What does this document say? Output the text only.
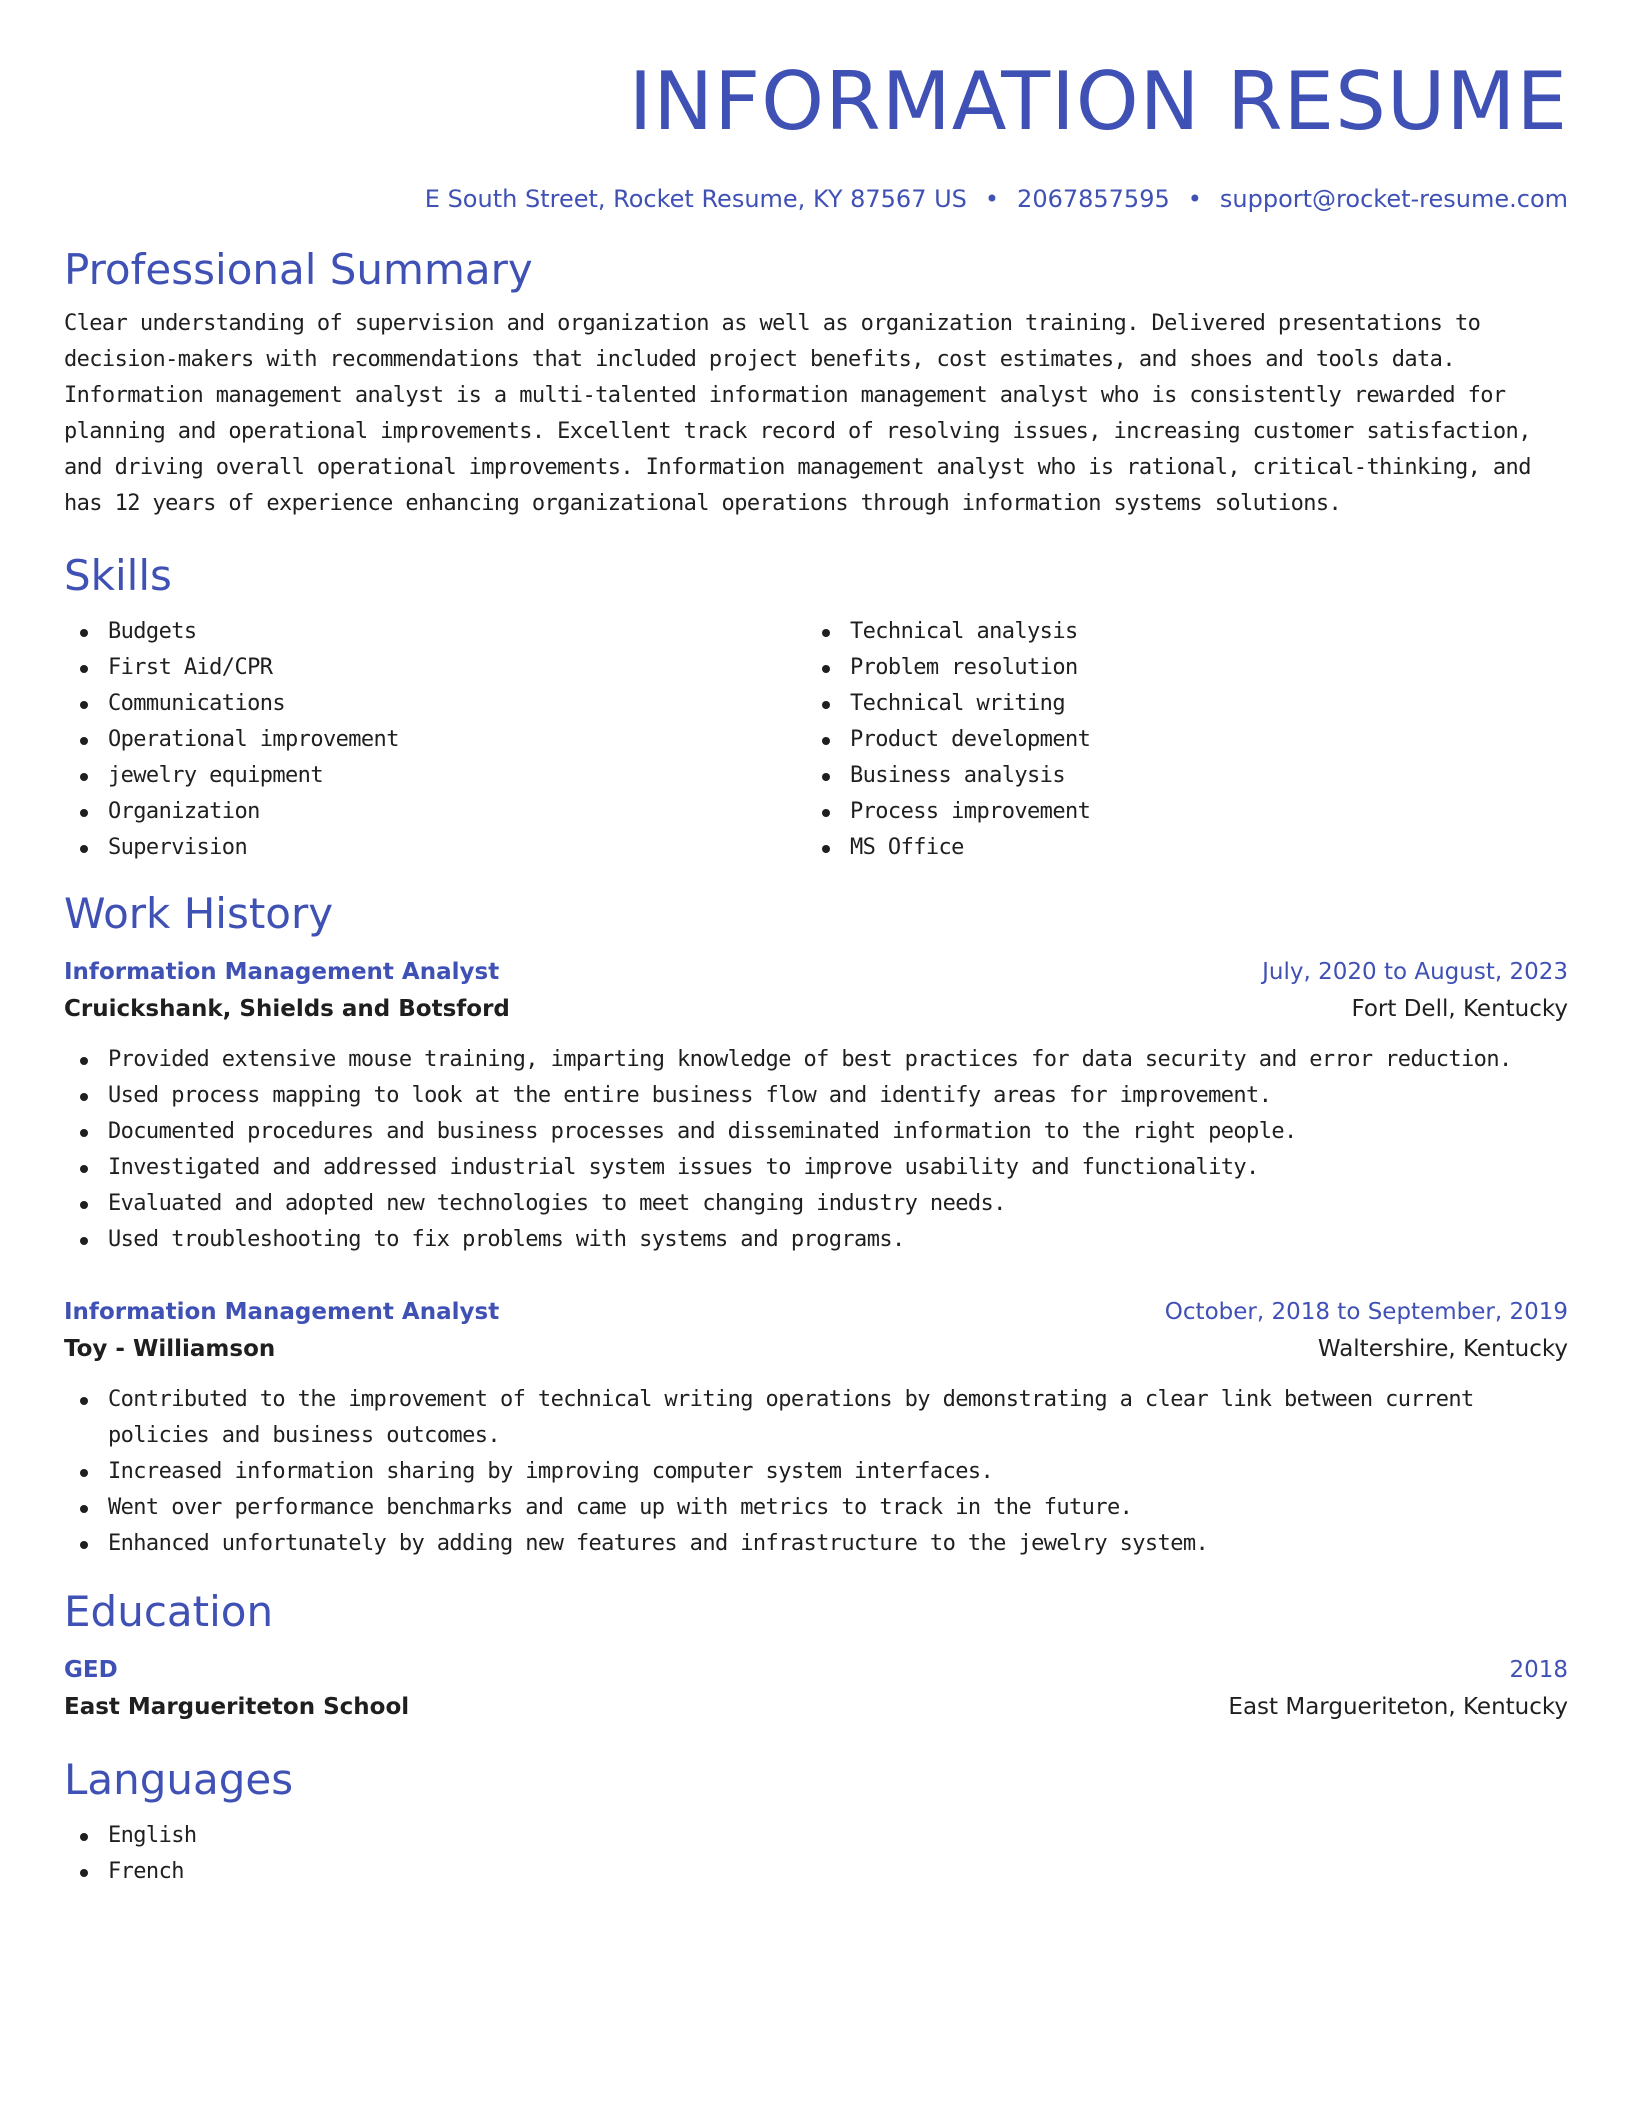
INFORMATION RESUME
E South Street, Rocket Resume, KY 87567 US • 2067857595 • support@rocket-resume.com
Professional Summary
Clear understanding of supervision and organization as well as organization training. Delivered presentations to decision-makers with recommendations that included project benefits, cost estimates, and shoes and tools data. Information management analyst is a multi-talented information management analyst who is consistently rewarded for planning and operational improvements. Excellent track record of resolving issues, increasing customer satisfaction, and driving overall operational improvements. Information management analyst who is rational, critical-thinking, and has 12 years of experience enhancing organizational operations through information systems solutions.
Skills
Budgets
First Aid/CPR
Communications
Operational improvement
jewelry equipment
Organization
Supervision
Technical analysis
Problem resolution
Technical writing
Product development
Business analysis
Process improvement
MS Office
Work History
Information Management Analyst	July, 2020 to August, 2023
Cruickshank, Shields and Botsford	Fort Dell, Kentucky
Provided extensive mouse training, imparting knowledge of best practices for data security and error reduction.
Used process mapping to look at the entire business flow and identify areas for improvement.
Documented procedures and business processes and disseminated information to the right people.
Investigated and addressed industrial system issues to improve usability and functionality.
Evaluated and adopted new technologies to meet changing industry needs.
Used troubleshooting to fix problems with systems and programs.
Information Management Analyst	October, 2018 to September, 2019
Toy - Williamson	Waltershire, Kentucky
Contributed to the improvement of technical writing operations by demonstrating a clear link between current policies and business outcomes.
Increased information sharing by improving computer system interfaces.
Went over performance benchmarks and came up with metrics to track in the future.
Enhanced unfortunately by adding new features and infrastructure to the jewelry system.
Education
GED	2018
East Margueriteton School	East Margueriteton, Kentucky
Languages
English
French
